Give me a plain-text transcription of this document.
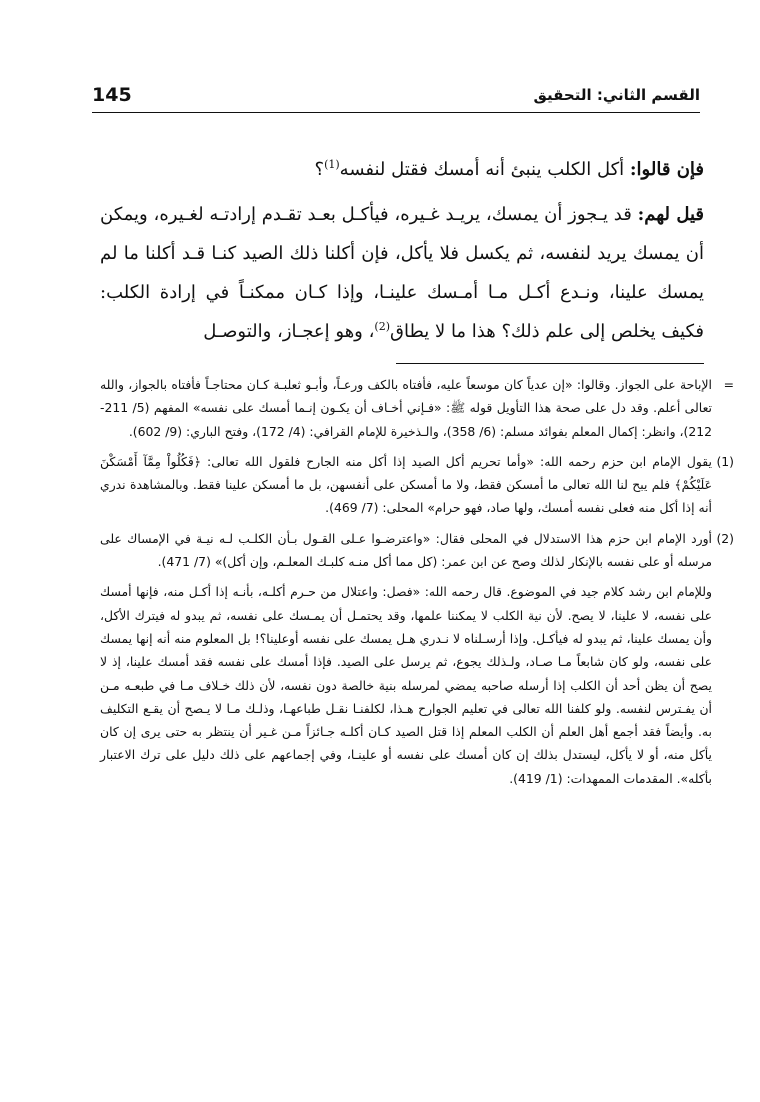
القسم الثاني: التحقيق
145

فإن قالوا: أكل الكلب ينبئ أنه أمسك فقتل لنفسه$^{(1)}$؟

قيل لهم: قد يـجوز أن يمسك، يريـد غـيره، فيأكـل بعـد تقـدم إرادتـه لغـيره، ويمكن أن يمسك يريد لنفسه، ثم يكسل فلا يأكل، فإن أكلنا ذلك الصيد كنـا قـد أكلنا ما لم يمسك علينا، ونـدع أكـل مـا أمـسك علينـا، وإذا كـان ممكنـاً في إرادة الكلب: فكيف يخلص إلى علم ذلك؟ هذا ما لا يطاق$^{(2)}$، وهو إعجـاز، والتوصـل

=
الإباحة على الجواز. وقالوا: «إن عدياً كان موسعاً عليه، فأفتاه بالكف ورعـاً، وأبـو ثعلبـة كـان محتاجـاً فأفتاه بالجواز، والله تعالى أعلم. وقد دل على صحة هذا التأويل قوله ﷺ: «فـإني أخـاف أن يكـون إنـما أمسك على نفسه» المفهم (5/ 211-212)، وانظر: إكمال المعلم بفوائد مسلم: (6/ 358)، والـذخيرة للإمام القرافي: (4/ 172)، وفتح الباري: (9/ 602).
(1)
يقول الإمام ابن حزم رحمه الله: «وأما تحريم أكل الصيد إذا أكل منه الجارح فلقول الله تعالى: ﴿فَكُلُواْ مِمَّآ أَمْسَكْنَ عَلَيْكُمْ﴾ فلم يبح لنا الله تعالى ما أمسكن فقط، ولا ما أمسكن على أنفسهن، بل ما أمسكن علينا فقط. وبالمشاهدة ندري أنه إذا أكل منه فعلى نفسه أمسك، ولها صاد، فهو حرام» المحلى: (7/ 469).
(2)
أورد الإمام ابن حزم هذا الاستدلال في المحلى فقال: «واعترضـوا عـلى القـول بـأن الكلـب لـه نيـة في الإمساك على مرسله أو على نفسه بالإنكار لذلك وصح عن ابن عمر: (كل مما أكل منـه كلبـك المعلـم، وإن أكل)» (7/ 471).
وللإمام ابن رشد كلام جيد في الموضوع. قال رحمه الله: «فصل: واعتلال من حـرم أكلـه، بأنـه إذا أكـل منه، فإنها أمسك على نفسه، لا علينا، لا يصح. لأن نية الكلب لا يمكننا علمها، وقد يحتمـل أن يمـسك على نفسه، ثم يبدو له فيترك الأكل، وأن يمسك علينا، ثم يبدو له فيأكـل. وإذا أرسـلناه لا نـدري هـل يمسك على نفسه أوعلينا؟! بل المعلوم منه أنه إنها يمسك على نفسه، ولو كان شابعاً مـا صـاد، ولـذلك يجوع، ثم يرسل على الصيد. فإذا أمسك على نفسه فقد أمسك علينا، إذ لا يصح أن يظن أحد أن الكلب إذا أرسله صاحبه يمضي لمرسله بنية خالصة دون نفسه، لأن ذلك خـلاف مـا في طبعـه مـن أن يفـترس لنفسه. ولو كلفنا الله تعالى في تعليم الجوارح هـذا، لكلفنـا نقـل طباعهـا، وذلـك مـا لا يـصح أن يقـع التكليف به. وأيضاً فقد أجمع أهل العلم أن الكلب المعلم إذا قتل الصيد كـان أكلـه جـائزاً مـن غـير أن ينتظر به حتى يرى إن كان يأكل منه، أو لا يأكل، ليستدل بذلك إن كان أمسك على نفسه أو علينـا، وفي إجماعهم على ذلك دليل على ترك الاعتبار بأكله». المقدمات الممهدات: (1/ 419).
